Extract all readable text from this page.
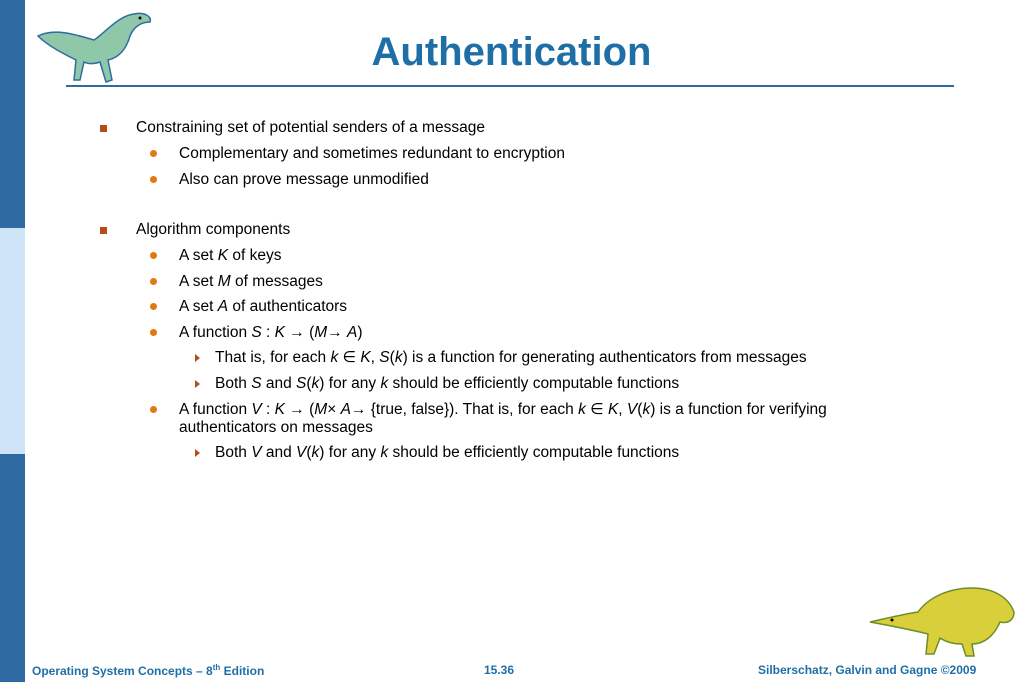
Authentication
Constraining set of potential senders of a message
Complementary and sometimes redundant to encryption
Also can prove message unmodified
Algorithm components
A set K of keys
A set M of messages
A set A of authenticators
A function S : K → (M→ A)
That is, for each k ∈ K, S(k) is a function for generating authenticators from messages
Both S and S(k) for any k should be efficiently computable functions
A function V : K → (M× A→ {true, false}). That is, for each k ∈ K, V(k) is a function for verifying
authenticators on messages
Both V and V(k) for any k should be efficiently computable functions
Operating System Concepts – 8th Edition	15.36	Silberschatz, Galvin and Gagne ©2009
